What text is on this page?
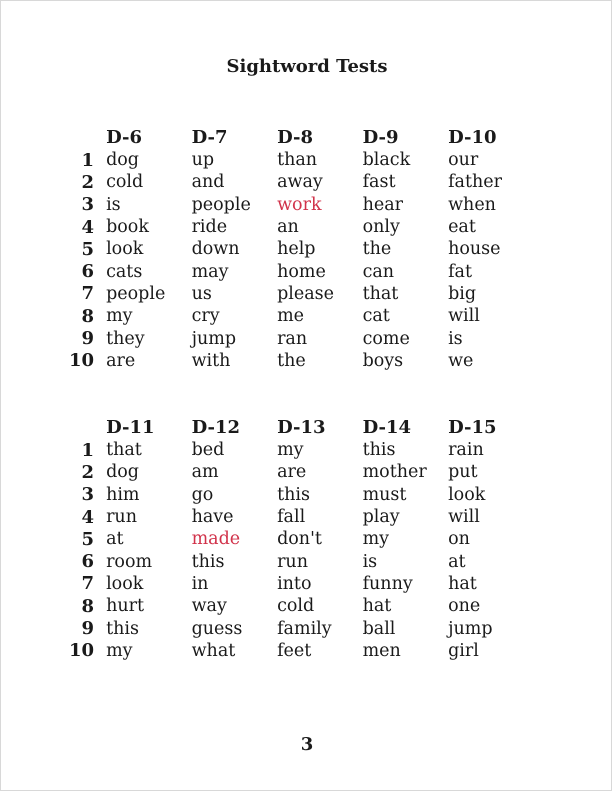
Sightword Tests
	D-6	D-7	D-8	D-9	D-10
1	dog	up	than	black	our
2	cold	and	away	fast	father
3	is	people	work	hear	when
4	book	ride	an	only	eat
5	look	down	help	the	house
6	cats	may	home	can	fat
7	people	us	please	that	big
8	my	cry	me	cat	will
9	they	jump	ran	come	is
10	are	with	the	boys	we
	D-11	D-12	D-13	D-14	D-15
1	that	bed	my	this	rain
2	dog	am	are	mother	put
3	him	go	this	must	look
4	run	have	fall	play	will
5	at	made	don't	my	on
6	room	this	run	is	at
7	look	in	into	funny	hat
8	hurt	way	cold	hat	one
9	this	guess	family	ball	jump
10	my	what	feet	men	girl
3
